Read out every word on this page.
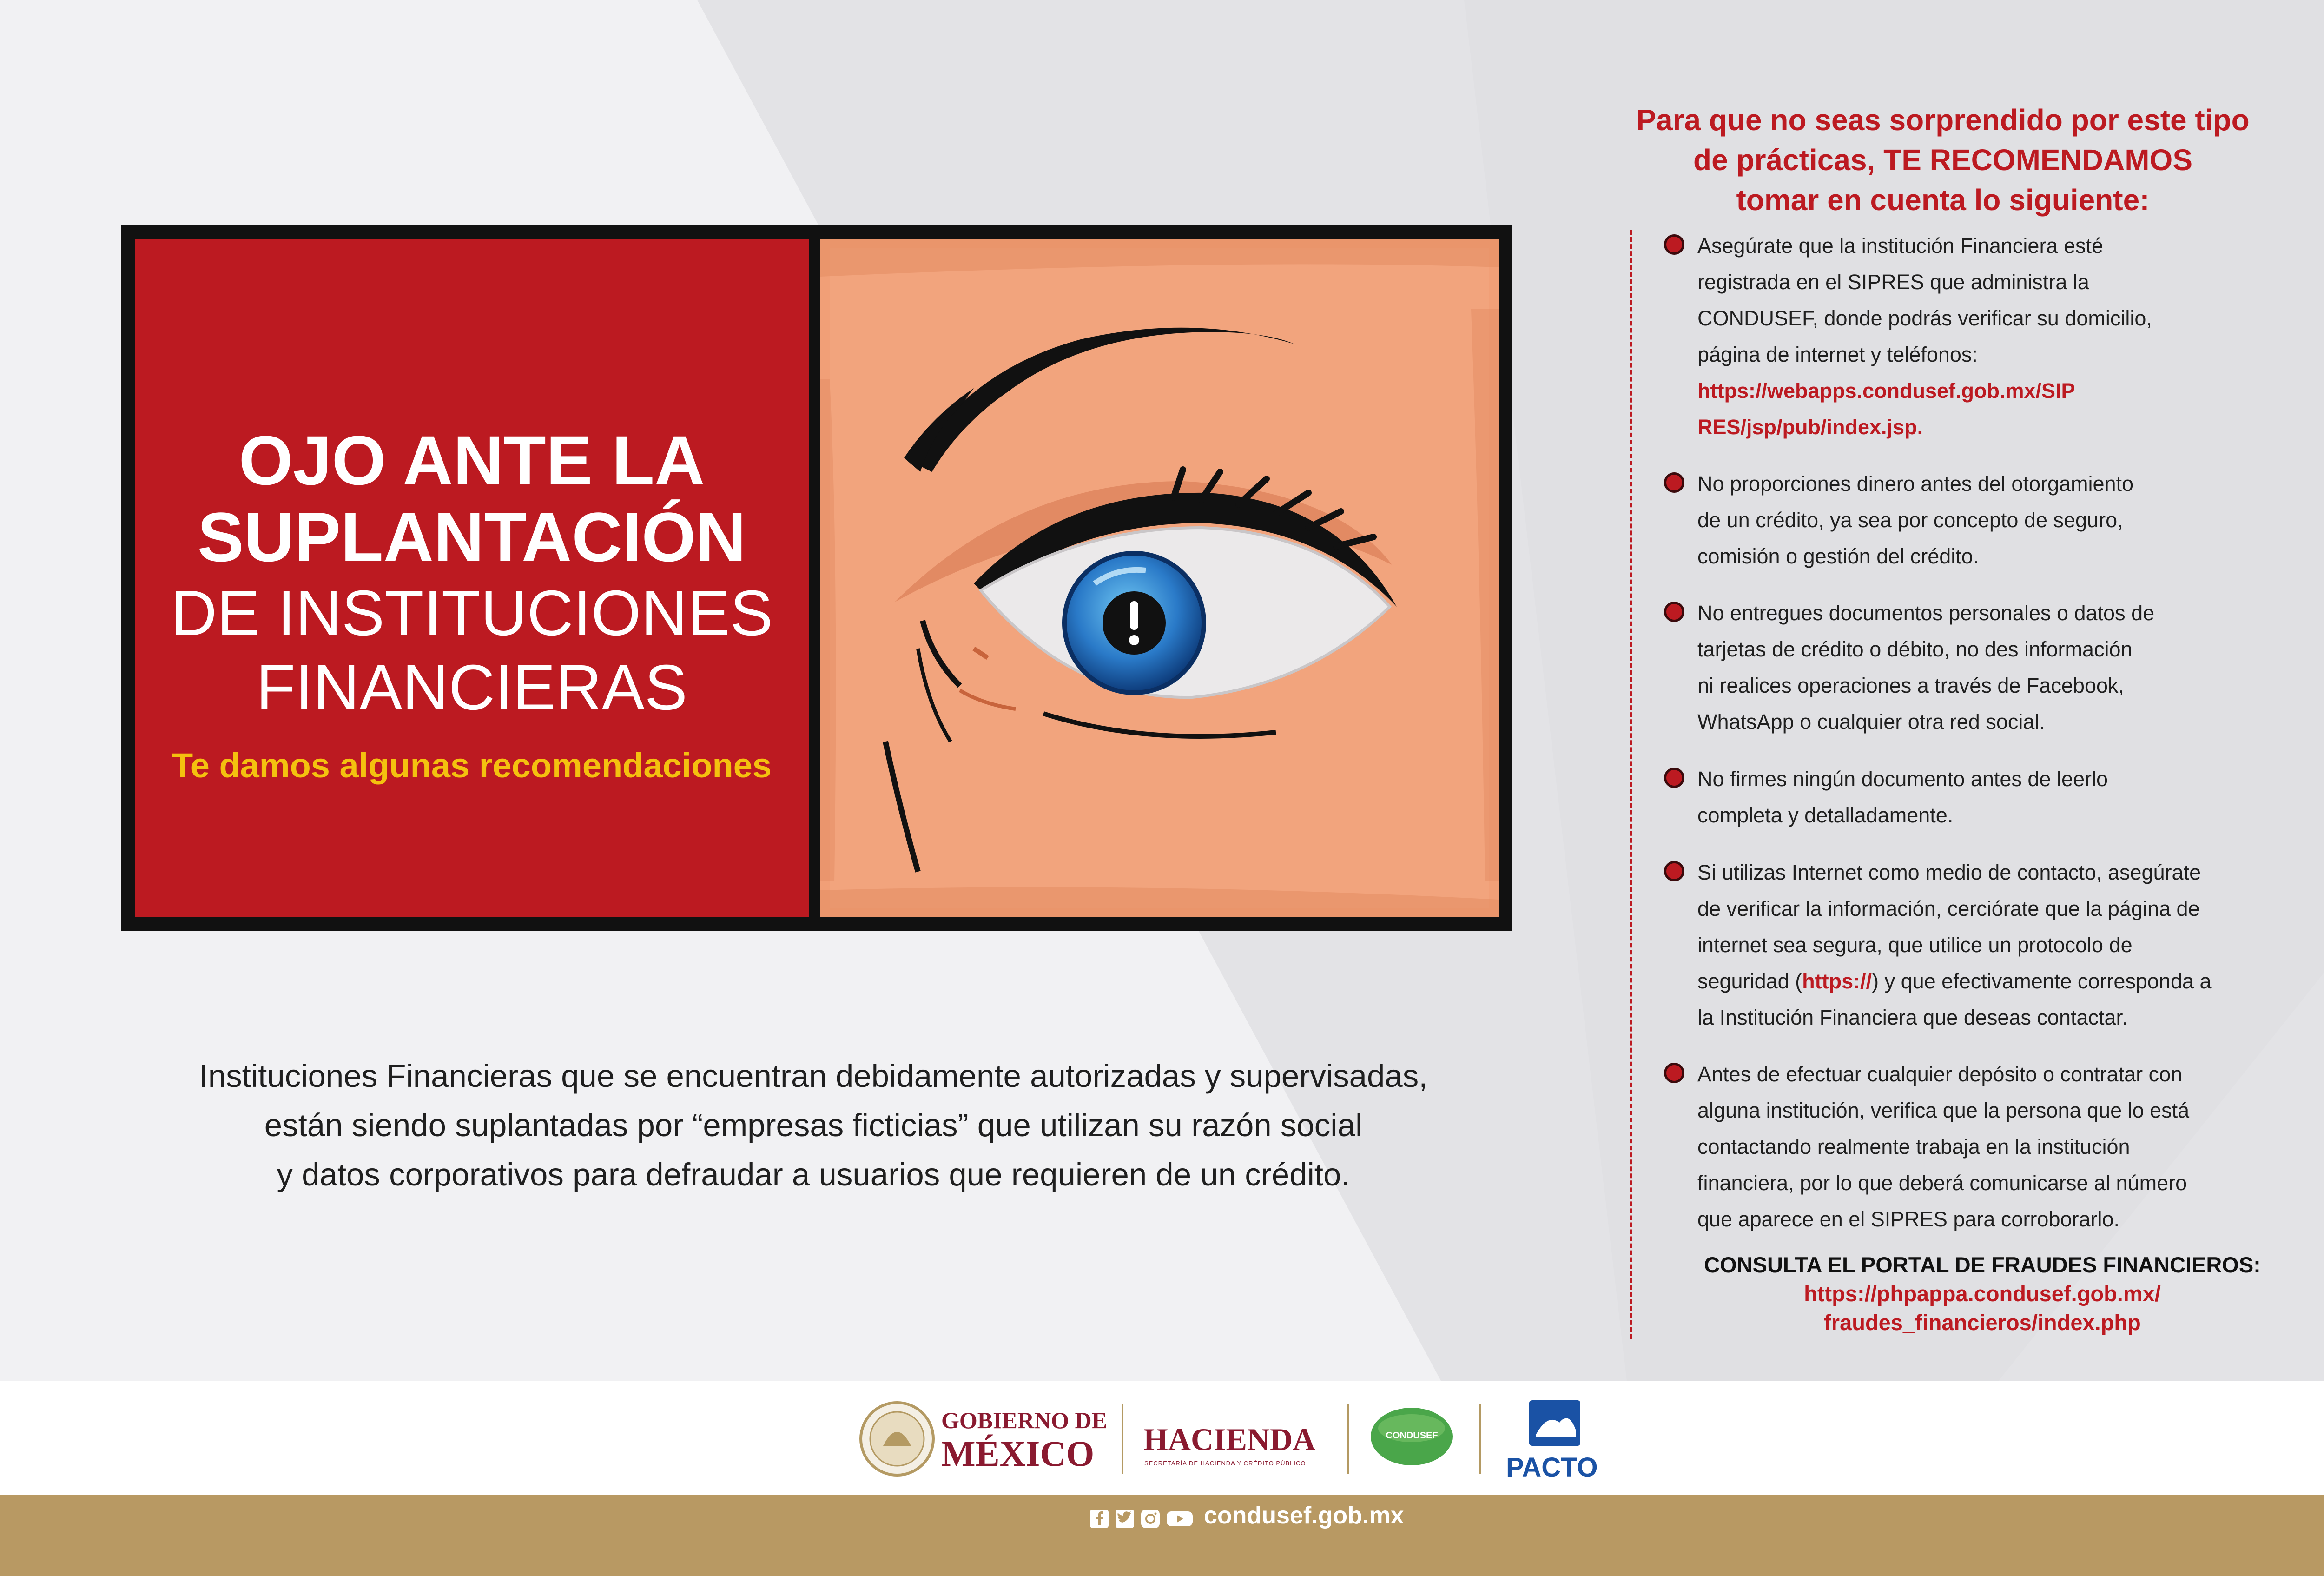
OJO ANTE LA
SUPLANTACIÓN
DE INSTITUCIONES
FINANCIERAS
Te damos algunas recomendaciones
Instituciones Financieras que se encuentran debidamente autorizadas y supervisadas,
están siendo suplantadas por “empresas ficticias” que utilizan su razón social
y datos corporativos para defraudar a usuarios que requieren de un crédito.
Para que no seas sorprendido por este tipo
de prácticas, TE RECOMENDAMOS
tomar en cuenta lo siguiente:
Asegúrate que la institución Financiera esté
registrada en el SIPRES que administra la
CONDUSEF, donde podrás verificar su domicilio,
página de internet y teléfonos:
https://webapps.condusef.gob.mx/SIP
RES/jsp/pub/index.jsp.
No proporciones dinero antes del otorgamiento
de un crédito, ya sea por concepto de seguro,
comisión o gestión del crédito.
No entregues documentos personales o datos de
tarjetas de crédito o débito, no des información
ni realices operaciones a través de Facebook,
WhatsApp o cualquier otra red social.
No firmes ningún documento antes de leerlo
completa y detalladamente.
Si utilizas Internet como medio de contacto, asegúrate
de verificar la información, cerciórate que la página de
internet sea segura, que utilice un protocolo de
seguridad (https://) y que efectivamente corresponda a
la Institución Financiera que deseas contactar.
Antes de efectuar cualquier depósito o contratar con
alguna institución, verifica que la persona que lo está
contactando realmente trabaja en la institución
financiera, por lo que deberá comunicarse al número
que aparece en el SIPRES para corroborarlo.
CONSULTA EL PORTAL DE FRAUDES FINANCIEROS:
https://phpappa.condusef.gob.mx/
fraudes_financieros/index.php
GOBIERNO DE
MÉXICO	HACIENDA
SECRETARÍA DE HACIENDA Y CRÉDITO PÚBLICO
CONDUSEF
PACTO
condusef.gob.mx
